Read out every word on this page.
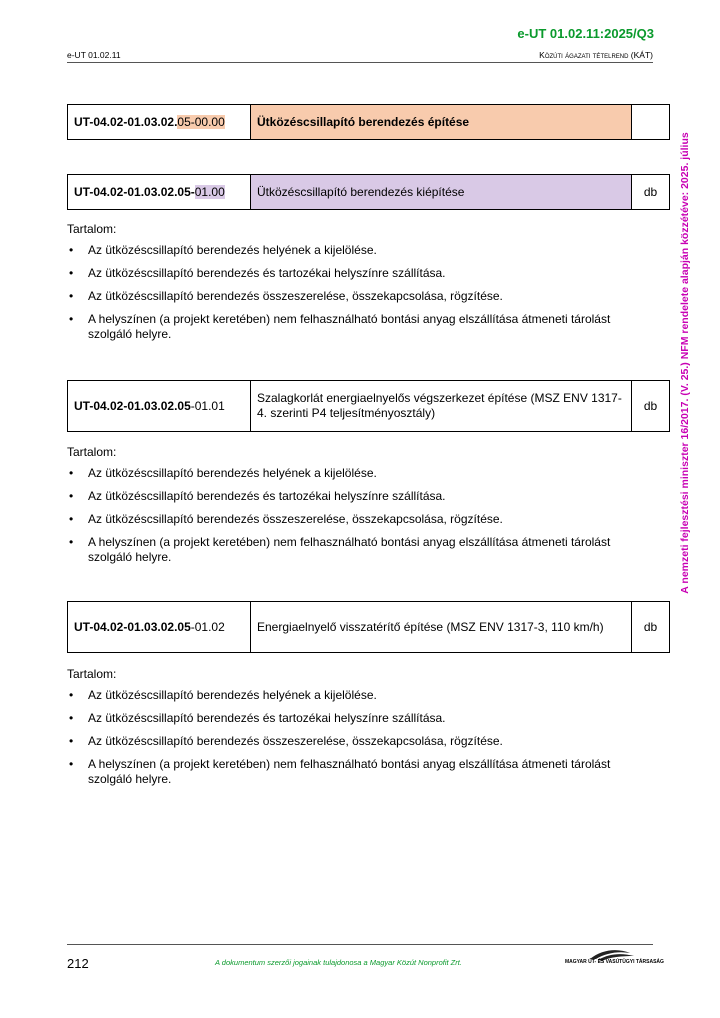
e-UT 01.02.11:2025/Q3
e-UT 01.02.11	Közúti ágazati tételrend (KÁT)
A nemzeti fejlesztési miniszter 16/2017. (V. 25.) NFM rendelete alapján közzétéve: 2025. július
UT-04.02-01.03.02.05-00.00	Ütközéscsillapító berendezés építése	
UT-04.02-01.03.02.05-01.00	Ütközéscsillapító berendezés kiépítése	db
Tartalom:
• Az ütközéscsillapító berendezés helyének a kijelölése.
• Az ütközéscsillapító berendezés és tartozékai helyszínre szállítása.
• Az ütközéscsillapító berendezés összeszerelése, összekapcsolása, rögzítése.
• A helyszínen (a projekt keretében) nem felhasználható bontási anyag elszállítása átmeneti tárolást szolgáló helyre.
UT-04.02-01.03.02.05-01.01	Szalagkorlát energiaelnyelős végszerkezet építése (MSZ ENV 1317-4. szerinti P4 teljesítményosztály)	db
Tartalom:
• Az ütközéscsillapító berendezés helyének a kijelölése.
• Az ütközéscsillapító berendezés és tartozékai helyszínre szállítása.
• Az ütközéscsillapító berendezés összeszerelése, összekapcsolása, rögzítése.
• A helyszínen (a projekt keretében) nem felhasználható bontási anyag elszállítása átmeneti tárolást szolgáló helyre.
UT-04.02-01.03.02.05-01.02	Energiaelnyelő visszatérítő építése (MSZ ENV 1317-3, 110 km/h)	db
Tartalom:
• Az ütközéscsillapító berendezés helyének a kijelölése.
• Az ütközéscsillapító berendezés és tartozékai helyszínre szállítása.
• Az ütközéscsillapító berendezés összeszerelése, összekapcsolása, rögzítése.
• A helyszínen (a projekt keretében) nem felhasználható bontási anyag elszállítása átmeneti tárolást szolgáló helyre.
212	A dokumentum szerzői jogainak tulajdonosa a Magyar Közút Nonprofit Zrt.	MAGYAR ÚT- ÉS VASÚTÜGYI TÁRSASÁG
